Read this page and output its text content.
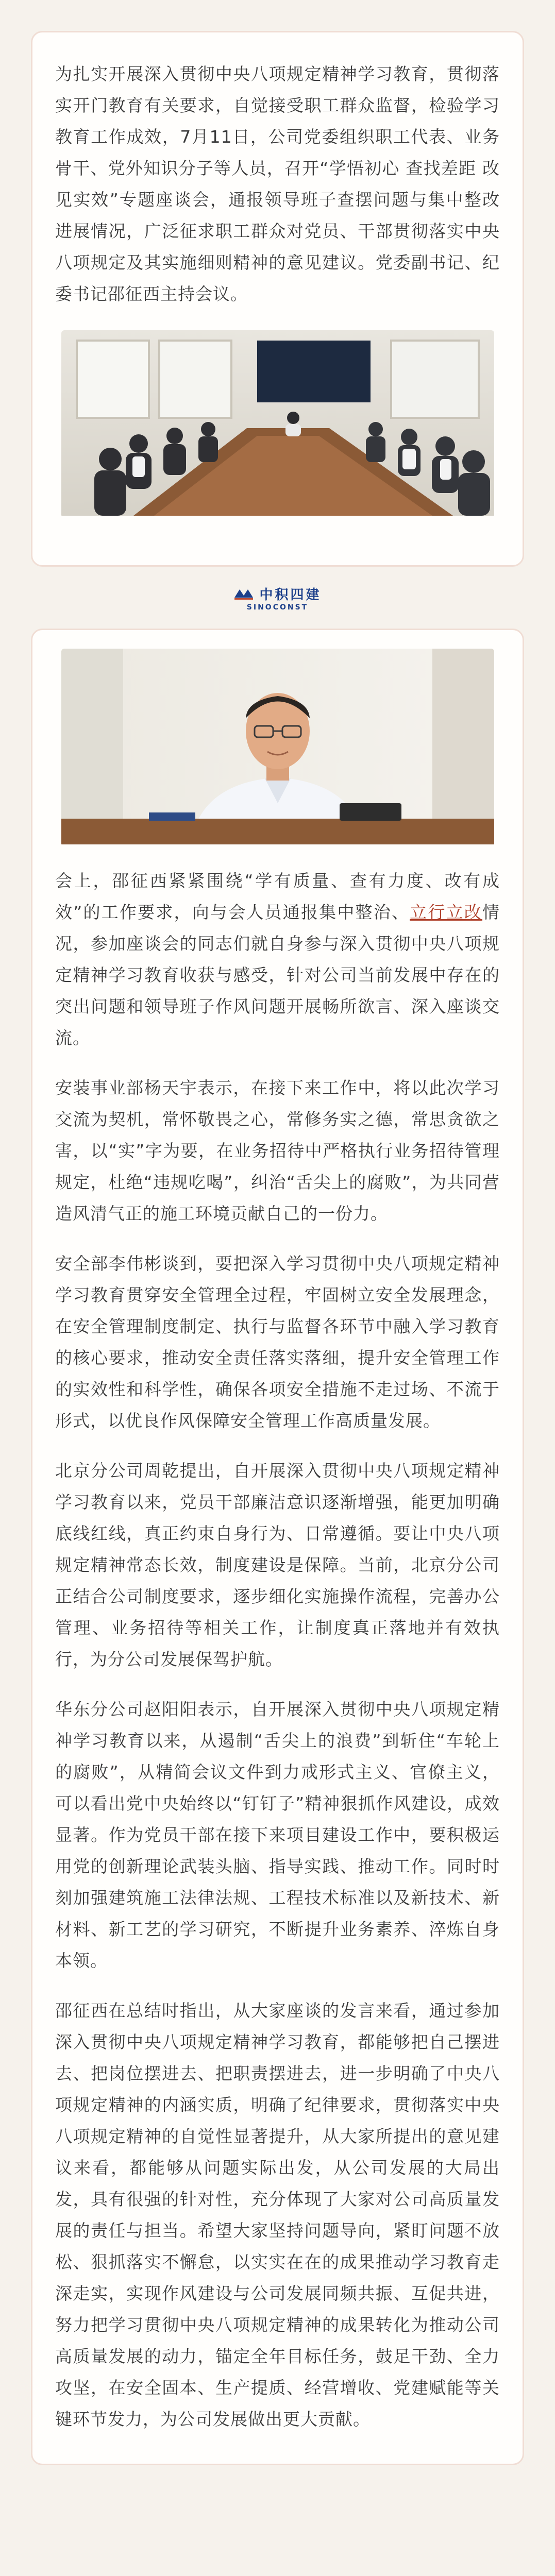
为扎实开展深入贯彻中央八项规定精神学习教育，贯彻落实开门教育有关要求，自觉接受职工群众监督，检验学习教育工作成效，7月11日，公司党委组织职工代表、业务骨干、党外知识分子等人员，召开“学悟初心 查找差距 改见实效”专题座谈会，通报领导班子查摆问题与集中整改进展情况，广泛征求职工群众对党员、干部贯彻落实中央八项规定及其实施细则精神的意见建议。党委副书记、纪委书记邵征西主持会议。

中积四建
SINOCONST

会上，邵征西紧紧围绕“学有质量、查有力度、改有成效”的工作要求，向与会人员通报集中整治、立行立改情况，参加座谈会的同志们就自身参与深入贯彻中央八项规定精神学习教育收获与感受，针对公司当前发展中存在的突出问题和领导班子作风问题开展畅所欲言、深入座谈交流。

安装事业部杨天宇表示，在接下来工作中，将以此次学习交流为契机，常怀敬畏之心，常修务实之德，常思贪欲之害，以“实”字为要，在业务招待中严格执行业务招待管理规定，杜绝“违规吃喝”，纠治“舌尖上的腐败”，为共同营造风清气正的施工环境贡献自己的一份力。

安全部李伟彬谈到，要把深入学习贯彻中央八项规定精神学习教育贯穿安全管理全过程，牢固树立安全发展理念，在安全管理制度制定、执行与监督各环节中融入学习教育的核心要求，推动安全责任落实落细，提升安全管理工作的实效性和科学性，确保各项安全措施不走过场、不流于形式，以优良作风保障安全管理工作高质量发展。

北京分公司周乾提出，自开展深入贯彻中央八项规定精神学习教育以来，党员干部廉洁意识逐渐增强，能更加明确底线红线，真正约束自身行为、日常遵循。要让中央八项规定精神常态长效，制度建设是保障。当前，北京分公司正结合公司制度要求，逐步细化实施操作流程，完善办公管理、业务招待等相关工作，让制度真正落地并有效执行，为分公司发展保驾护航。

华东分公司赵阳阳表示，自开展深入贯彻中央八项规定精神学习教育以来，从遏制“舌尖上的浪费”到斩住“车轮上的腐败”，从精简会议文件到力戒形式主义、官僚主义，可以看出党中央始终以“钉钉子”精神狠抓作风建设，成效显著。作为党员干部在接下来项目建设工作中，要积极运用党的创新理论武装头脑、指导实践、推动工作。同时时刻加强建筑施工法律法规、工程技术标准以及新技术、新材料、新工艺的学习研究，不断提升业务素养、淬炼自身本领。

邵征西在总结时指出，从大家座谈的发言来看，通过参加深入贯彻中央八项规定精神学习教育，都能够把自己摆进去、把岗位摆进去、把职责摆进去，进一步明确了中央八项规定精神的内涵实质，明确了纪律要求，贯彻落实中央八项规定精神的自觉性显著提升，从大家所提出的意见建议来看，都能够从问题实际出发，从公司发展的大局出发，具有很强的针对性，充分体现了大家对公司高质量发展的责任与担当。希望大家坚持问题导向，紧盯问题不放松、狠抓落实不懈怠，以实实在在的成果推动学习教育走深走实，实现作风建设与公司发展同频共振、互促共进，努力把学习贯彻中央八项规定精神的成果转化为推动公司高质量发展的动力，锚定全年目标任务，鼓足干劲、全力攻坚，在安全固本、生产提质、经营增收、党建赋能等关键环节发力，为公司发展做出更大贡献。
